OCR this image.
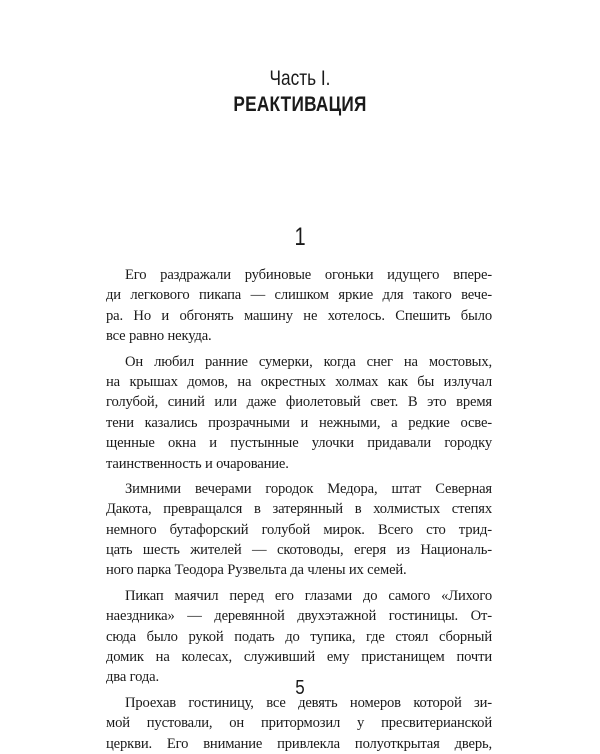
Часть I.
РЕАКТИВАЦИЯ
1
Его раздражали рубиновые огоньки идущего впере-
ди легкового пикапа — слишком яркие для такого вече-
ра. Но и обгонять машину не хотелось. Спешить было
все равно некуда.
Он любил ранние сумерки, когда снег на мостовых,
на крышах домов, на окрестных холмах как бы излучал
голубой, синий или даже фиолетовый свет. В это время
тени казались прозрачными и нежными, а редкие осве-
щенные окна и пустынные улочки придавали городку
таинственность и очарование.
Зимними вечерами городок Медора, штат Северная
Дакота, превращался в затерянный в холмистых степях
немного бутафорский голубой мирок. Всего сто трид-
цать шесть жителей — скотоводы, егеря из Националь-
ного парка Теодора Рузвельта да члены их семей.
Пикап маячил перед его глазами до самого «Лихого
наездника» — деревянной двухэтажной гостиницы. От-
сюда было рукой подать до тупика, где стоял сборный
домик на колесах, служивший ему пристанищем почти
два года.
Проехав гостиницу, все девять номеров которой зи-
мой пустовали, он притормозил у пресвитерианской
церкви. Его внимание привлекла полуоткрытая дверь,
5
